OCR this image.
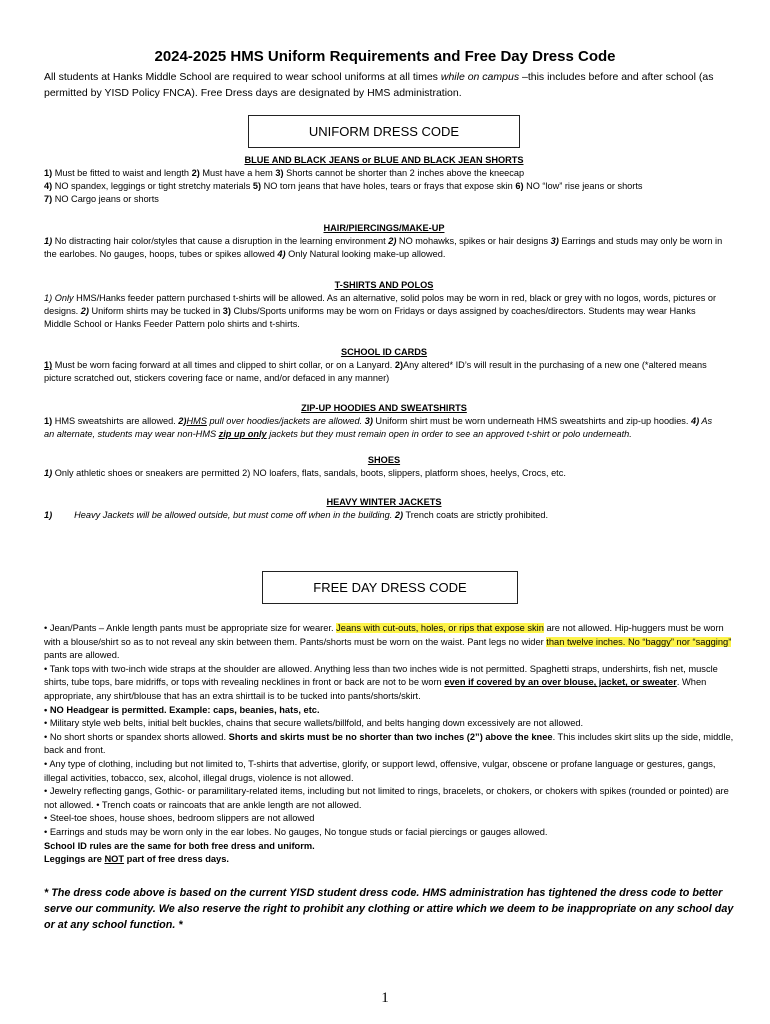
2024-2025 HMS Uniform Requirements and Free Day Dress Code
All students at Hanks Middle School are required to wear school uniforms at all times while on campus –this includes before and after school (as permitted by YISD Policy FNCA). Free Dress days are designated by HMS administration.
UNIFORM DRESS CODE
BLUE AND BLACK JEANS or BLUE AND BLACK JEAN SHORTS
1) Must be fitted to waist and length 2) Must have a hem 3) Shorts cannot be shorter than 2 inches above the kneecap
4) NO spandex, leggings or tight stretchy materials 5) NO torn jeans that have holes, tears or frays that expose skin 6) NO “low” rise jeans or shorts
7) NO Cargo jeans or shorts
HAIR/PIERCINGS/MAKE-UP
1) No distracting hair color/styles that cause a disruption in the learning environment 2) NO mohawks, spikes or hair designs 3) Earrings and studs may only be worn in the earlobes. No gauges, hoops, tubes or spikes allowed 4) Only Natural looking make-up allowed.
T-SHIRTS AND POLOS
1) Only HMS/Hanks feeder pattern purchased t-shirts will be allowed. As an alternative, solid polos may be worn in red, black or grey with no logos, words, pictures or designs. 2) Uniform shirts may be tucked in 3) Clubs/Sports uniforms may be worn on Fridays or days assigned by coaches/directors. Students may wear Hanks Middle School or Hanks Feeder Pattern polo shirts and t-shirts.
SCHOOL ID CARDS
1) Must be worn facing forward at all times and clipped to shirt collar, or on a Lanyard. 2)Any altered* ID’s will result in the purchasing of a new one (*altered means picture scratched out, stickers covering face or name, and/or defaced in any manner)
ZIP-UP HOODIES AND SWEATSHIRTS
1) HMS sweatshirts are allowed. 2)HMS pull over hoodies/jackets are allowed. 3) Uniform shirt must be worn underneath HMS sweatshirts and zip-up hoodies. 4) As an alternate, students may wear non-HMS zip up only jackets but they must remain open in order to see an approved t-shirt or polo underneath.
SHOES
1) Only athletic shoes or sneakers are permitted 2) NO loafers, flats, sandals, boots, slippers, platform shoes, heelys, Crocs, etc.
HEAVY WINTER JACKETS
1) Heavy Jackets will be allowed outside, but must come off when in the building. 2) Trench coats are strictly prohibited.
FREE DAY DRESS CODE
• Jean/Pants – Ankle length pants must be appropriate size for wearer. Jeans with cut-outs, holes, or rips that expose skin are not allowed. Hip-huggers must be worn with a blouse/shirt so as to not reveal any skin between them. Pants/shorts must be worn on the waist. Pant legs no wider than twelve inches. No “baggy” nor “sagging” pants are allowed.
• Tank tops with two-inch wide straps at the shoulder are allowed. Anything less than two inches wide is not permitted. Spaghetti straps, undershirts, fish net, muscle shirts, tube tops, bare midriffs, or tops with revealing necklines in front or back are not to be worn even if covered by an over blouse, jacket, or sweater. When appropriate, any shirt/blouse that has an extra shirttail is to be tucked into pants/shorts/skirt.
• NO Headgear is permitted. Example: caps, beanies, hats, etc.
• Military style web belts, initial belt buckles, chains that secure wallets/billfold, and belts hanging down excessively are not allowed.
• No short shorts or spandex shorts allowed. Shorts and skirts must be no shorter than two inches (2”) above the knee. This includes skirt slits up the side, middle, back and front.
• Any type of clothing, including but not limited to, T-shirts that advertise, glorify, or support lewd, offensive, vulgar, obscene or profane language or gestures, gangs, illegal activities, tobacco, sex, alcohol, illegal drugs, violence is not allowed.
• Jewelry reflecting gangs, Gothic- or paramilitary-related items, including but not limited to rings, bracelets, or chokers, or chokers with spikes (rounded or pointed) are not allowed. • Trench coats or raincoats that are ankle length are not allowed.
• Steel-toe shoes, house shoes, bedroom slippers are not allowed
• Earrings and studs may be worn only in the ear lobes. No gauges, No tongue studs or facial piercings or gauges allowed.
School ID rules are the same for both free dress and uniform.
Leggings are NOT part of free dress days.
* The dress code above is based on the current YISD student dress code. HMS administration has tightened the dress code to better serve our community. We also reserve the right to prohibit any clothing or attire which we deem to be inappropriate on any school day or at any school function. *
1
